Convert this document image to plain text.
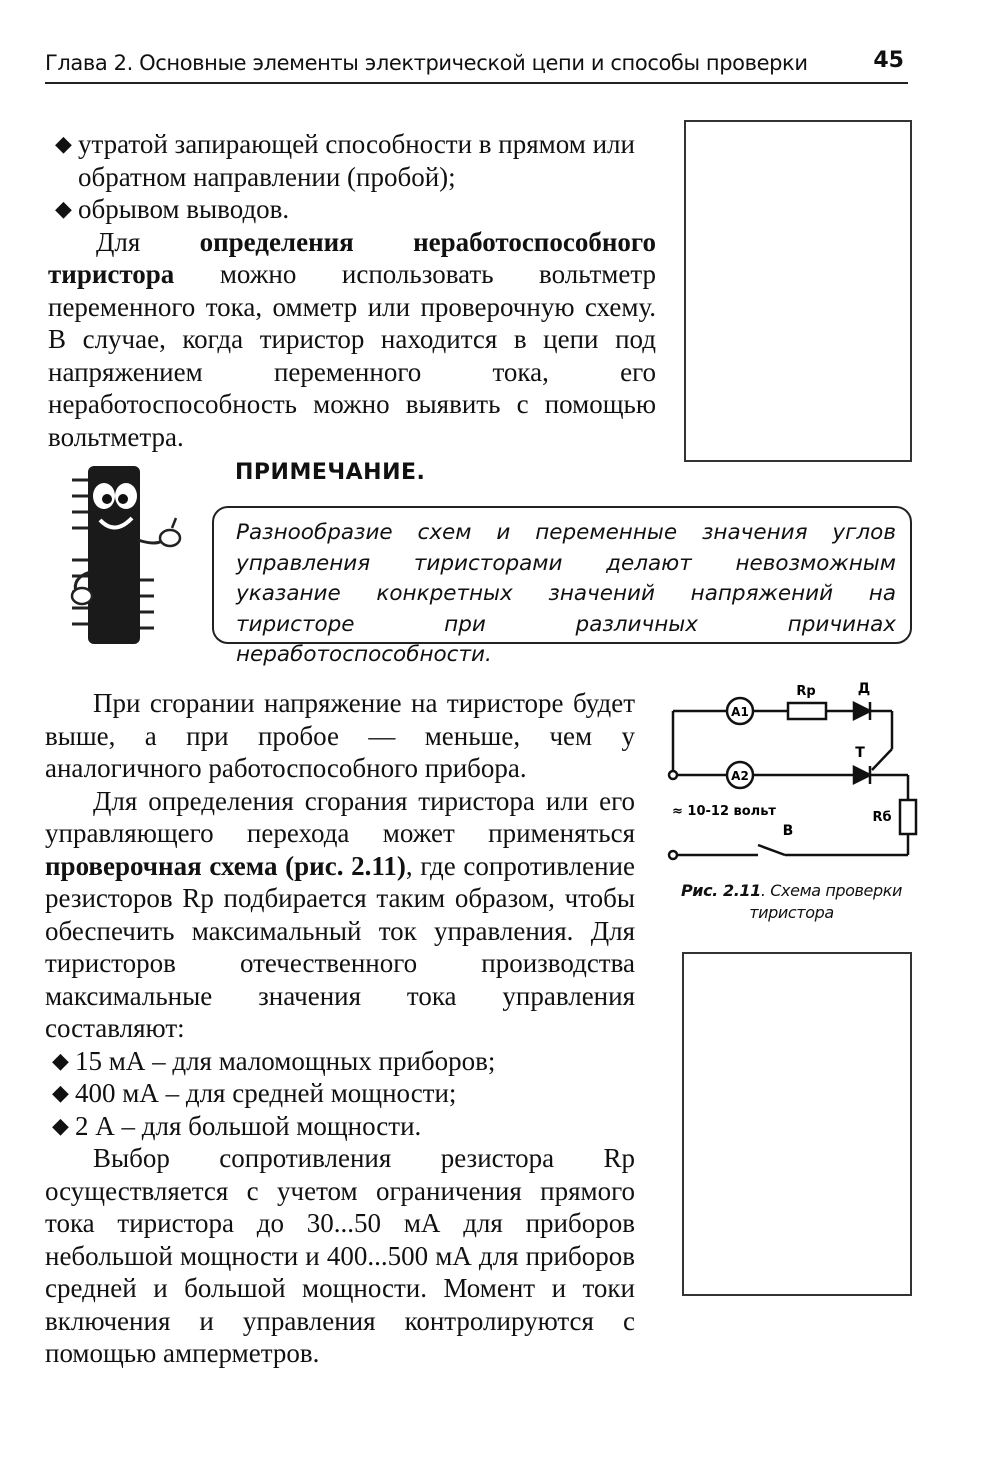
Глава 2. Основные элементы электрической цепи и способы проверки	45
◆ утратой запирающей способности в прямом или обратном направлении (пробой);
◆ обрывом выводов.

Для определения неработоспособного тиристора можно использовать вольтметр переменного тока, омметр или проверочную схему. В случае, когда тиристор находится в цепи под напряжением переменного тока, его неработоспособность можно выявить с помощью вольтметра.

ПРИМЕЧАНИЕ.
Разнообразие схем и переменные значения углов управления тиристорами делают невозможным указание конкретных значений напряжений на тиристоре при различных причинах неработоспособности.

При сгорании напряжение на тиристоре будет выше, а при пробое — меньше, чем у аналогичного работоспособного прибора.

Для определения сгорания тиристора или его управляющего перехода может применяться проверочная схема (рис. 2.11), где сопротивление резисторов Rp подбирается таким образом, чтобы обеспечить максимальный ток управления. Для тиристоров отечественного производства максимальные значения тока управления составляют:

◆ 15 мА – для маломощных приборов;
◆ 400 мА – для средней мощности;
◆ 2 А – для большой мощности.

Выбор сопротивления резистора Rp осуществляется с учетом ограничения прямого тока тиристора до 30...50 мА для приборов небольшой мощности и 400...500 мА для приборов средней и большой мощности. Момент и токи включения и управления контролируются с помощью амперметров.

A1
A2
Rp	Д
Т
Rб
В
≈ 10-12 вольт
Рис. 2.11. Схема проверки тиристора
